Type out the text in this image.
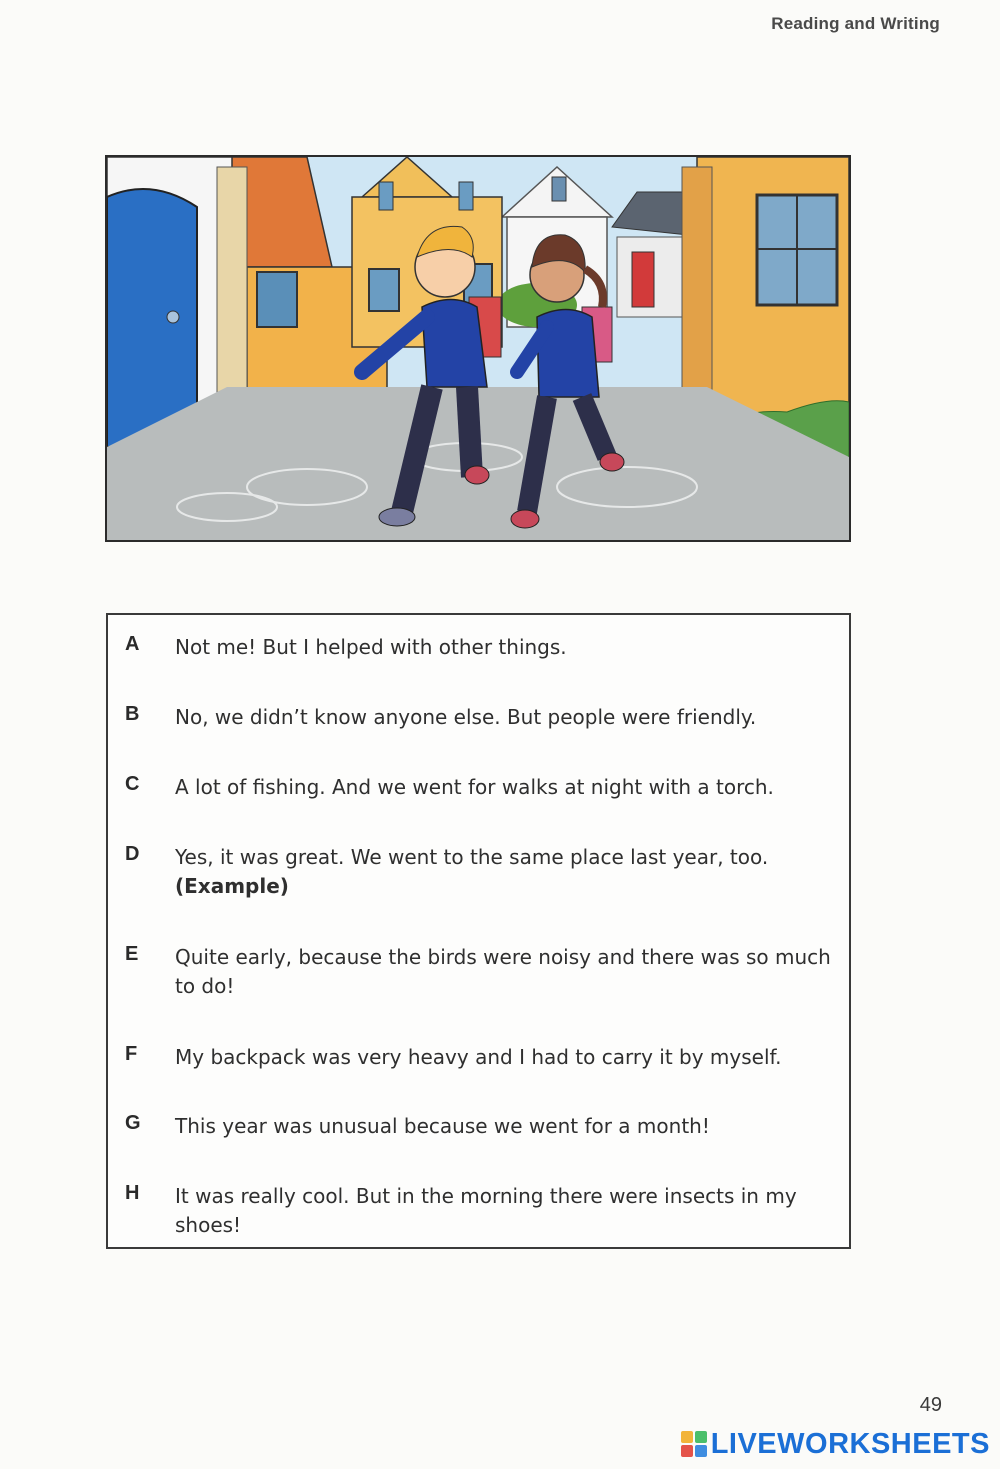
Reading and Writing
A Not me! But I helped with other things.
B No, we didn’t know anyone else. But people were friendly.
C A lot of fishing. And we went for walks at night with a torch.
D Yes, it was great. We went to the same place last year, too.
(Example)
E Quite early, because the birds were noisy and there was so much to do!
F My backpack was very heavy and I had to carry it by myself.
G This year was unusual because we went for a month!
H It was really cool. But in the morning there were insects in my shoes!
49
LIVEWORKSHEETS
